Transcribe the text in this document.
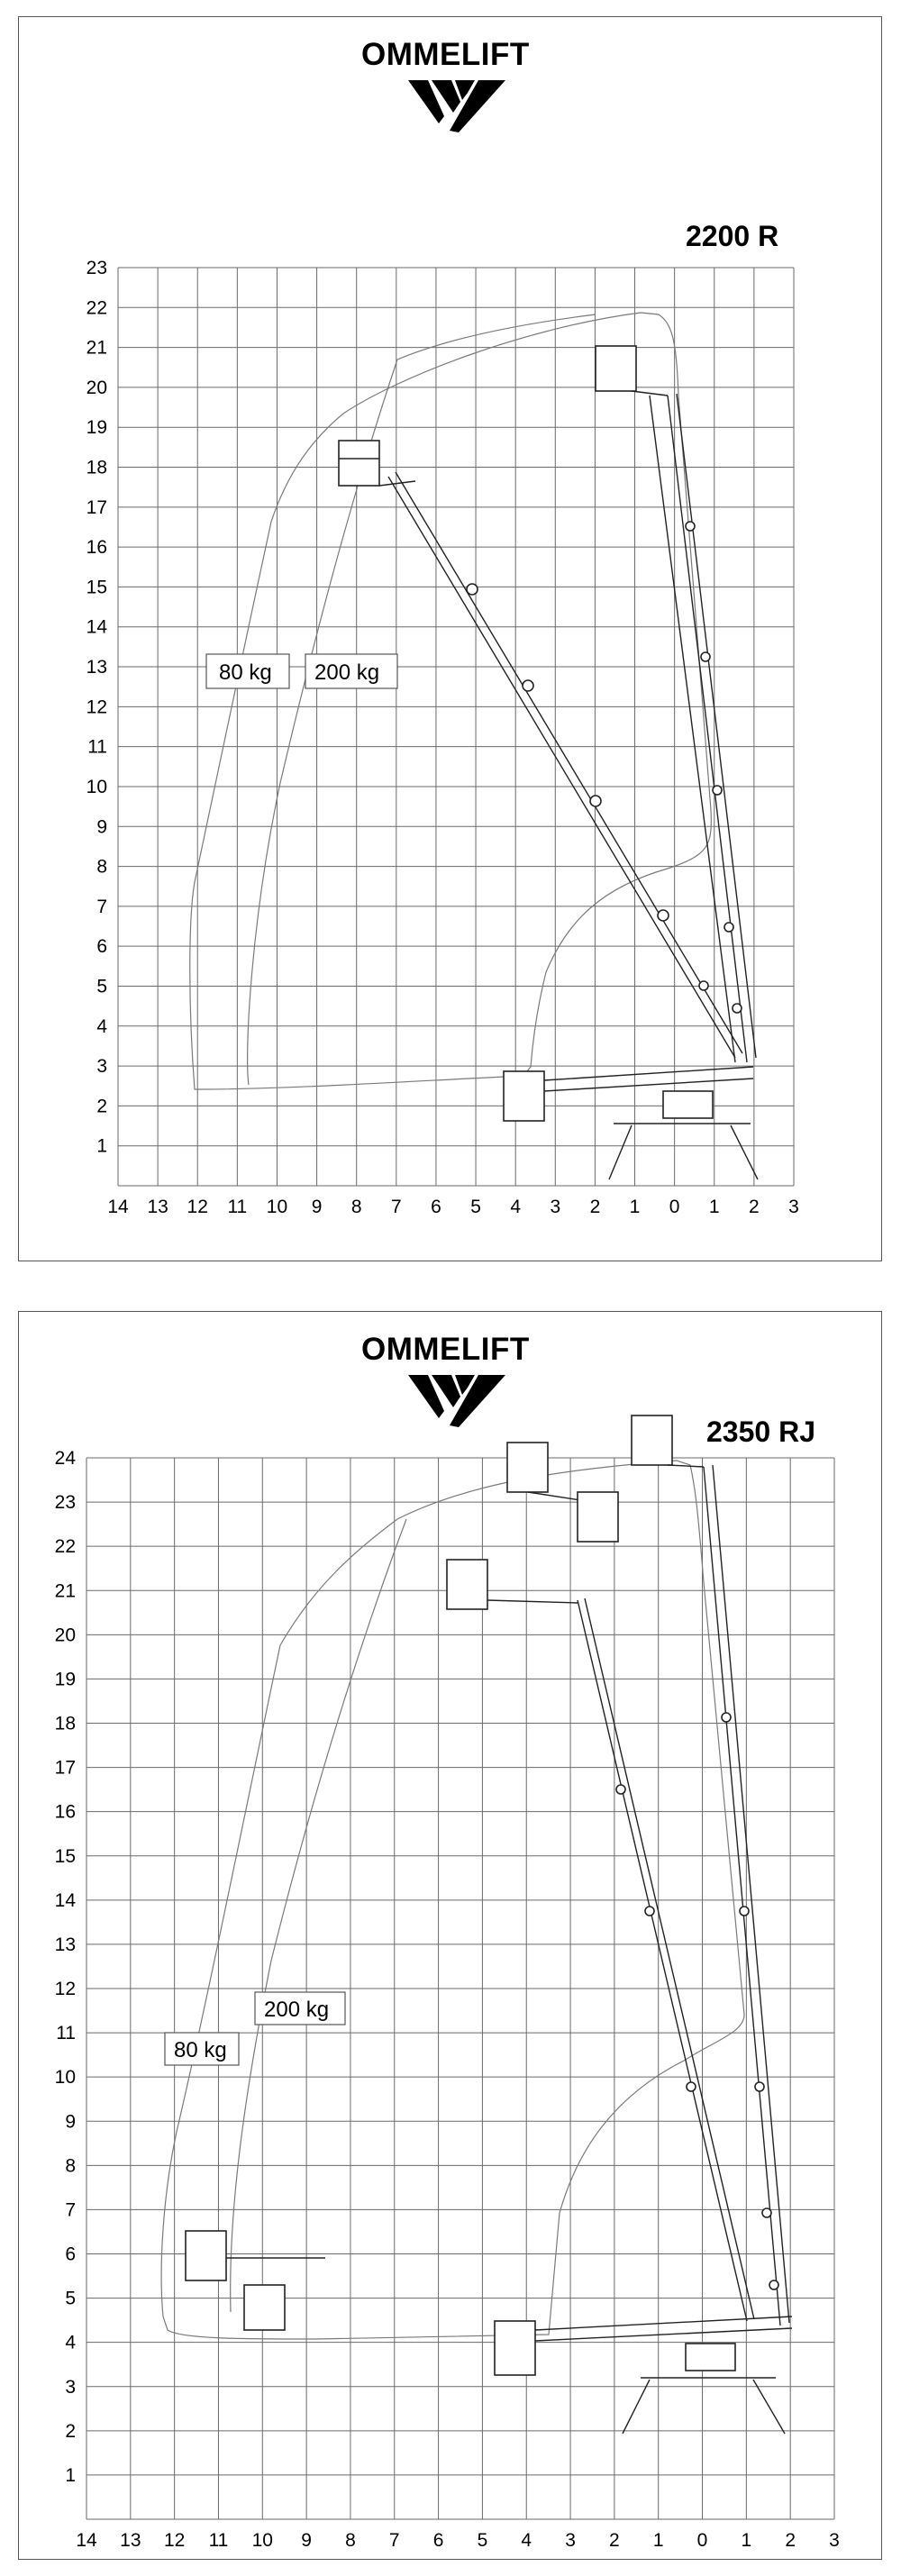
OMMELIFT
2200 R
14 13 12 11 10 9 8 7 6 5 4 3 2 1 0 1 2 3
1
2
3
4
5
6
7
8
9
10
11
12
13
14
15
16
17
18
19
20
21
22
23
80 kg 200 kg
OMMELIFT
2350 RJ
14 13 12 11 10 9 8 7 6 5 4 3 2 1 0 1 2 3
1
2
3
4
5
6
7
8
9
10
11
12
13
14
15
16
17
18
19
20
21
22
23
24
200 kg
80 kg
